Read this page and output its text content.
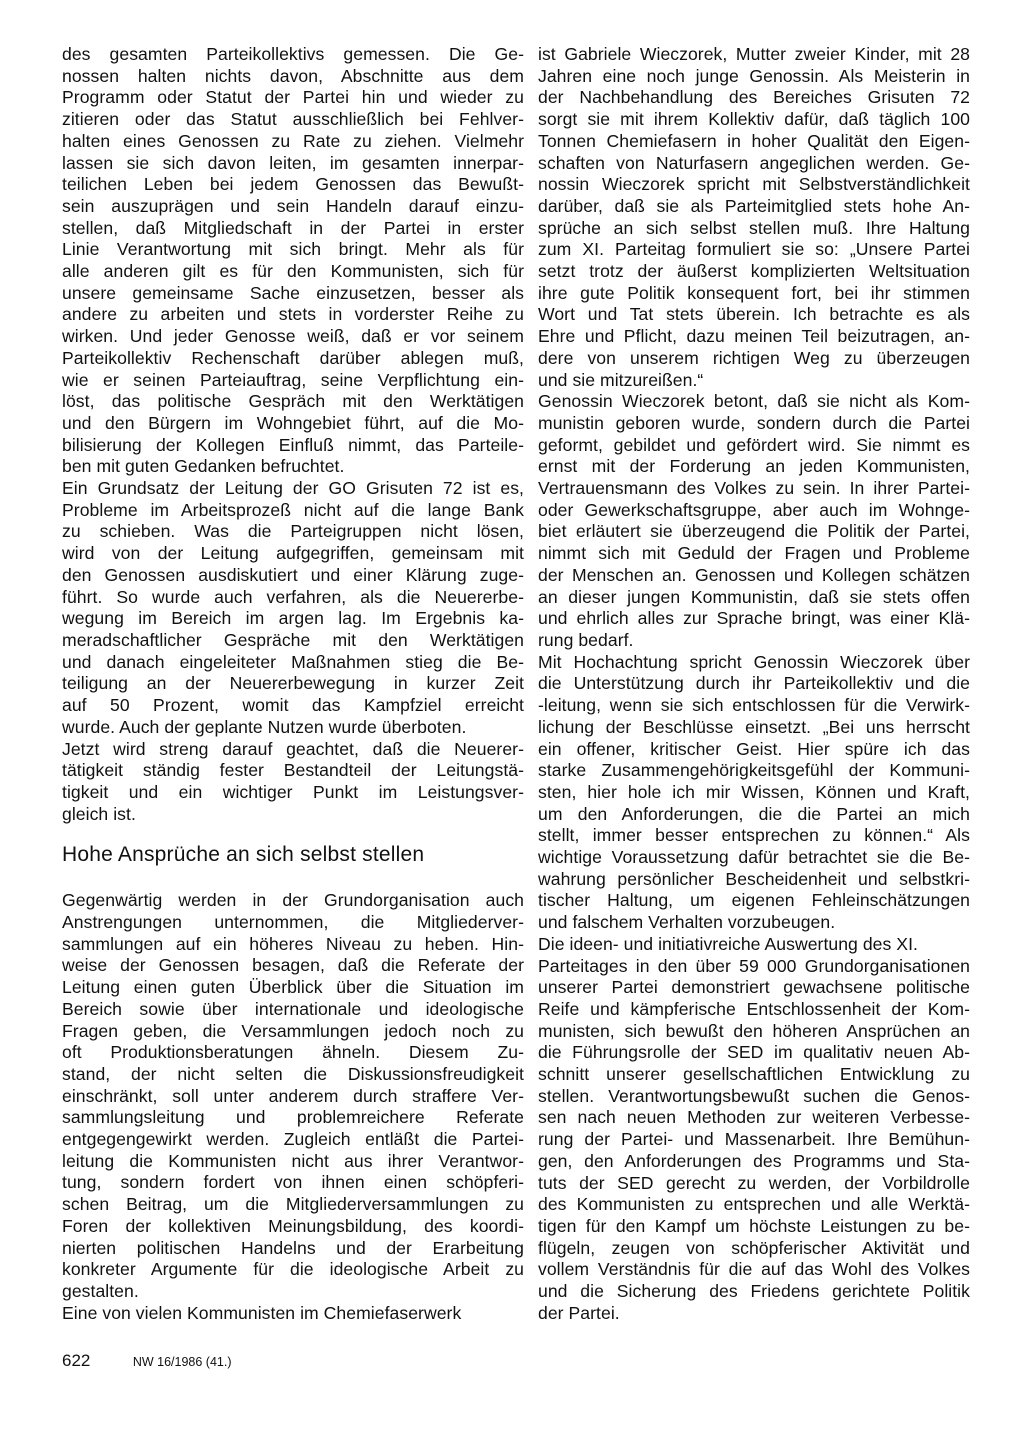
des gesamten Parteikollektivs gemessen. Die Ge-
nossen halten nichts davon, Abschnitte aus dem
Programm oder Statut der Partei hin und wieder zu
zitieren oder das Statut ausschließlich bei Fehlver-
halten eines Genossen zu Rate zu ziehen. Vielmehr
lassen sie sich davon leiten, im gesamten innerpar-
teilichen Leben bei jedem Genossen das Bewußt-
sein auszuprägen und sein Handeln darauf einzu-
stellen, daß Mitgliedschaft in der Partei in erster
Linie Verantwortung mit sich bringt. Mehr als für
alle anderen gilt es für den Kommunisten, sich für
unsere gemeinsame Sache einzusetzen, besser als
andere zu arbeiten und stets in vorderster Reihe zu
wirken. Und jeder Genosse weiß, daß er vor seinem
Parteikollektiv Rechenschaft darüber ablegen muß,
wie er seinen Parteiauftrag, seine Verpflichtung ein-
löst, das politische Gespräch mit den Werktätigen
und den Bürgern im Wohngebiet führt, auf die Mo-
bilisierung der Kollegen Einfluß nimmt, das Parteile-
ben mit guten Gedanken befruchtet.
Ein Grundsatz der Leitung der GO Grisuten 72 ist es,
Probleme im Arbeitsprozeß nicht auf die lange Bank
zu schieben. Was die Parteigruppen nicht lösen,
wird von der Leitung aufgegriffen, gemeinsam mit
den Genossen ausdiskutiert und einer Klärung zuge-
führt. So wurde auch verfahren, als die Neuererbe-
wegung im Bereich im argen lag. Im Ergebnis ka-
meradschaftlicher Gespräche mit den Werktätigen
und danach eingeleiteter Maßnahmen stieg die Be-
teiligung an der Neuererbewegung in kurzer Zeit
auf 50 Prozent, womit das Kampfziel erreicht
wurde. Auch der geplante Nutzen wurde überboten.
Jetzt wird streng darauf geachtet, daß die Neuerer-
tätigkeit ständig fester Bestandteil der Leitungstä-
tigkeit und ein wichtiger Punkt im Leistungsver-
gleich ist.
Hohe Ansprüche an sich selbst stellen
Gegenwärtig werden in der Grundorganisation auch
Anstrengungen unternommen, die Mitgliederver-
sammlungen auf ein höheres Niveau zu heben. Hin-
weise der Genossen besagen, daß die Referate der
Leitung einen guten Überblick über die Situation im
Bereich sowie über internationale und ideologische
Fragen geben, die Versammlungen jedoch noch zu
oft Produktionsberatungen ähneln. Diesem Zu-
stand, der nicht selten die Diskussionsfreudigkeit
einschränkt, soll unter anderem durch straffere Ver-
sammlungsleitung und problemreichere Referate
entgegengewirkt werden. Zugleich entläßt die Partei-
leitung die Kommunisten nicht aus ihrer Verantwor-
tung, sondern fordert von ihnen einen schöpferi-
schen Beitrag, um die Mitgliederversammlungen zu
Foren der kollektiven Meinungsbildung, des koordi-
nierten politischen Handelns und der Erarbeitung
konkreter Argumente für die ideologische Arbeit zu
gestalten.
Eine von vielen Kommunisten im Chemiefaserwerk
ist Gabriele Wieczorek, Mutter zweier Kinder, mit 28
Jahren eine noch junge Genossin. Als Meisterin in
der Nachbehandlung des Bereiches Grisuten 72
sorgt sie mit ihrem Kollektiv dafür, daß täglich 100
Tonnen Chemiefasern in hoher Qualität den Eigen-
schaften von Naturfasern angeglichen werden. Ge-
nossin Wieczorek spricht mit Selbstverständlichkeit
darüber, daß sie als Parteimitglied stets hohe An-
sprüche an sich selbst stellen muß. Ihre Haltung
zum XI. Parteitag formuliert sie so: „Unsere Partei
setzt trotz der äußerst komplizierten Weltsituation
ihre gute Politik konsequent fort, bei ihr stimmen
Wort und Tat stets überein. Ich betrachte es als
Ehre und Pflicht, dazu meinen Teil beizutragen, an-
dere von unserem richtigen Weg zu überzeugen
und sie mitzureißen.“
Genossin Wieczorek betont, daß sie nicht als Kom-
munistin geboren wurde, sondern durch die Partei
geformt, gebildet und gefördert wird. Sie nimmt es
ernst mit der Forderung an jeden Kommunisten,
Vertrauensmann des Volkes zu sein. In ihrer Partei-
oder Gewerkschaftsgruppe, aber auch im Wohnge-
biet erläutert sie überzeugend die Politik der Partei,
nimmt sich mit Geduld der Fragen und Probleme
der Menschen an. Genossen und Kollegen schätzen
an dieser jungen Kommunistin, daß sie stets offen
und ehrlich alles zur Sprache bringt, was einer Klä-
rung bedarf.
Mit Hochachtung spricht Genossin Wieczorek über
die Unterstützung durch ihr Parteikollektiv und die
-leitung, wenn sie sich entschlossen für die Verwirk-
lichung der Beschlüsse einsetzt. „Bei uns herrscht
ein offener, kritischer Geist. Hier spüre ich das
starke Zusammengehörigkeitsgefühl der Kommuni-
sten, hier hole ich mir Wissen, Können und Kraft,
um den Anforderungen, die die Partei an mich
stellt, immer besser entsprechen zu können.“ Als
wichtige Voraussetzung dafür betrachtet sie die Be-
wahrung persönlicher Bescheidenheit und selbstkri-
tischer Haltung, um eigenen Fehleinschätzungen
und falschem Verhalten vorzubeugen.
Die ideen- und initiativreiche Auswertung des XI.
Parteitages in den über 59 000 Grundorganisationen
unserer Partei demonstriert gewachsene politische
Reife und kämpferische Entschlossenheit der Kom-
munisten, sich bewußt den höheren Ansprüchen an
die Führungsrolle der SED im qualitativ neuen Ab-
schnitt unserer gesellschaftlichen Entwicklung zu
stellen. Verantwortungsbewußt suchen die Genos-
sen nach neuen Methoden zur weiteren Verbesse-
rung der Partei- und Massenarbeit. Ihre Bemühun-
gen, den Anforderungen des Programms und Sta-
tuts der SED gerecht zu werden, der Vorbildrolle
des Kommunisten zu entsprechen und alle Werktä-
tigen für den Kampf um höchste Leistungen zu be-
flügeln, zeugen von schöpferischer Aktivität und
vollem Verständnis für die auf das Wohl des Volkes
und die Sicherung des Friedens gerichtete Politik
der Partei.
622	NW 16/1986 (41.)
